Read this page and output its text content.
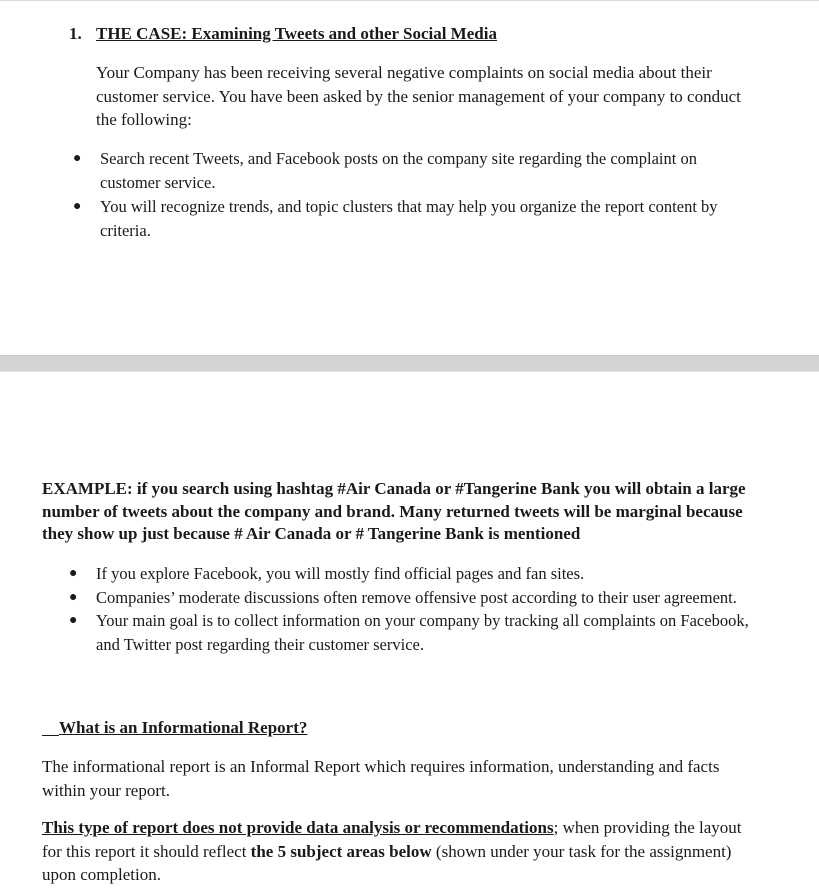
1. THE CASE: Examining Tweets and other Social Media

Your Company has been receiving several negative complaints on social media about their customer service. You have been asked by the senior management of your company to conduct the following:

● Search recent Tweets, and Facebook posts on the company site regarding the complaint on customer service.

● You will recognize trends, and topic clusters that may help you organize the report content by criteria.

EXAMPLE: if you search using hashtag #Air Canada or #Tangerine Bank you will obtain a large number of tweets about the company and brand. Many returned tweets will be marginal because they show up just because # Air Canada or # Tangerine Bank is mentioned

● If you explore Facebook, you will mostly find official pages and fan sites.

● Companies’ moderate discussions often remove offensive post according to their user agreement.

● Your main goal is to collect information on your company by tracking all complaints on Facebook, and Twitter post regarding their customer service.

What is an Informational Report?

The informational report is an Informal Report which requires information, understanding and facts within your report.

This type of report does not provide data analysis or recommendations; when providing the layout for this report it should reflect the 5 subject areas below (shown under your task for the assignment) upon completion.
